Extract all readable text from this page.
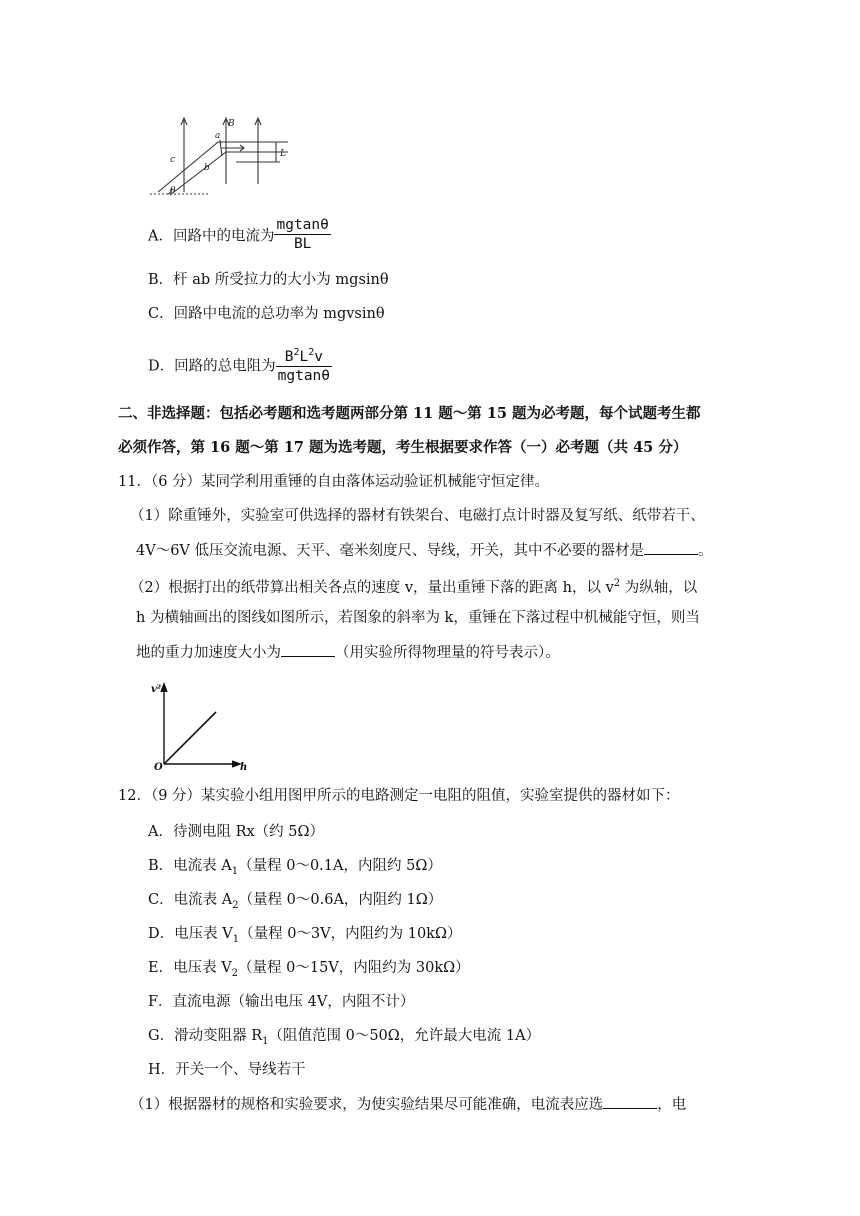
B
a
b
c
L
θ
A．回路中的电流为 $\frac{mgtan\theta}{BL}$
B．杆 ab 所受拉力的大小为 mgsinθ
C．回路中电流的总功率为 mgvsinθ
D．回路的总电阻为 $\frac{B^2L^2v}{mgtan\theta}$
二、非选择题：包括必考题和选考题两部分第 11 题～第 15 题为必考题，每个试题考生都
必须作答，第 16 题～第 17 题为选考题，考生根据要求作答（一）必考题（共 45 分）
11．（6 分）某同学利用重锤的自由落体运动验证机械能守恒定律。
（1）除重锤外，实验室可供选择的器材有铁架台、电磁打点计时器及复写纸、纸带若干、
4V～6V 低压交流电源、天平、毫米刻度尺、导线，开关，其中不必要的器材是	。
（2）根据打出的纸带算出相关各点的速度 v，量出重锤下落的距离 h，以 $v^2$ 为纵轴，以
h 为横轴画出的图线如图所示，若图象的斜率为 k，重锤在下落过程中机械能守恒，则当
地的重力加速度大小为	（用实验所得物理量的符号表示）。
v²
h
O
12．（9 分）某实验小组用图甲所示的电路测定一电阻的阻值，实验室提供的器材如下：
A．待测电阻 Rx（约 5Ω）
B．电流表 $A_1$（量程 0～0.1A，内阻约 5Ω）
C．电流表 $A_2$（量程 0～0.6A，内阻约 1Ω）
D．电压表 $V_1$（量程 0～3V，内阻约为 10kΩ）
E．电压表 $V_2$（量程 0～15V，内阻约为 30kΩ）
F．直流电源（输出电压 4V，内阻不计）
G．滑动变阻器 $R_1$（阻值范围 0～50Ω，允许最大电流 1A）
H．开关一个、导线若干
（1）根据器材的规格和实验要求，为使实验结果尽可能准确，电流表应选	，电
